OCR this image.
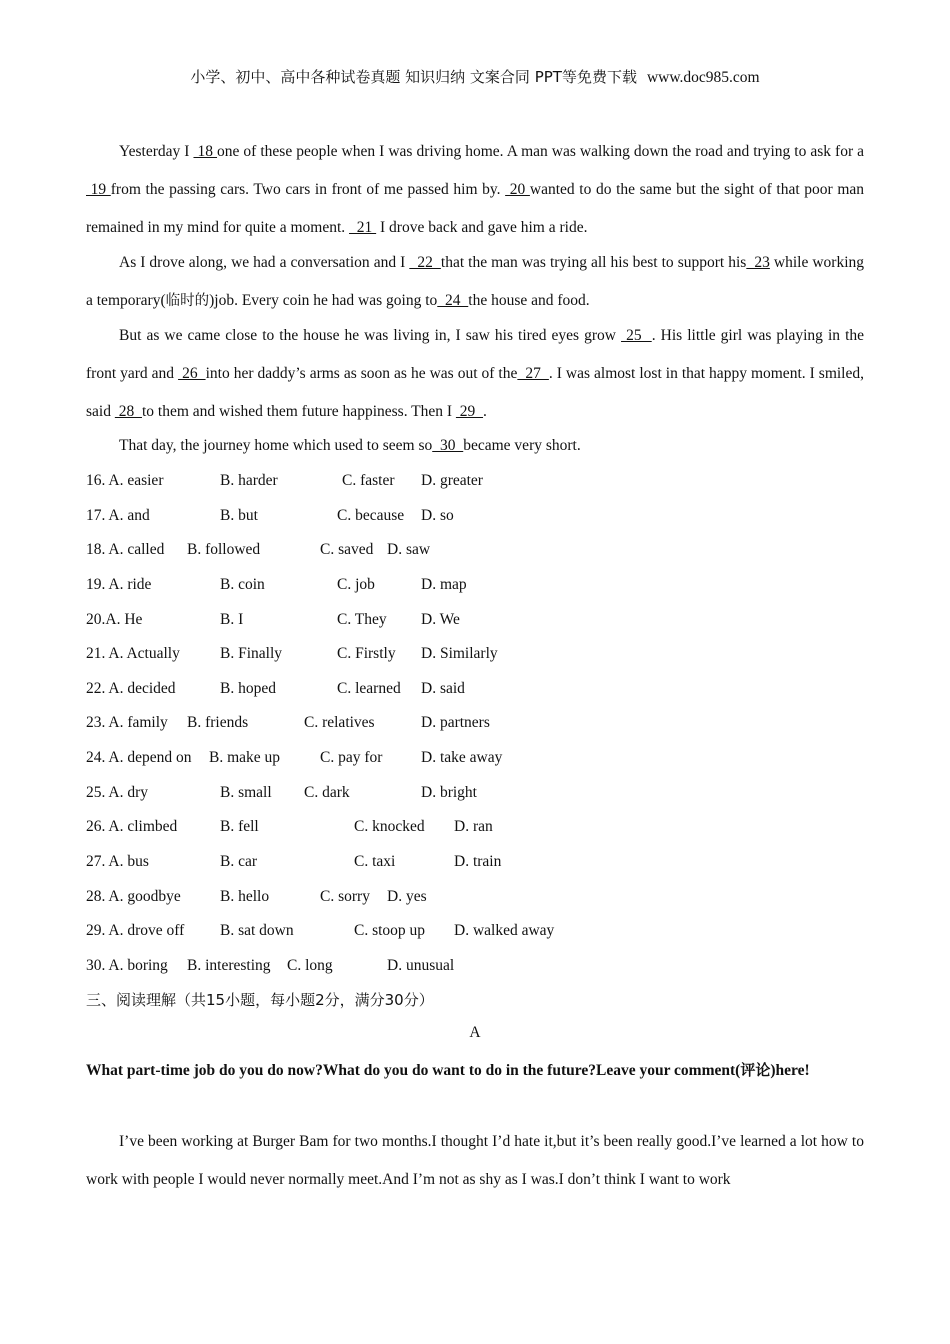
小学、初中、高中各种试卷真题 知识归纳 文案合同 PPT等免费下载 www.doc985.com
Yesterday I  18 one of these people when I was driving home. A man was walking down the road and trying to ask for a  19 from the passing cars. Two cars in front of me passed him by.  20 wanted to do the same but the sight of that poor man remained in my mind for quite a moment.   21  I drove back and gave him a ride.
As I drove along, we had a conversation and I   22  that the man was trying all his best to support his  23 while working a temporary(临时的)job. Every coin he had was going to  24  the house and food.
But as we came close to the house he was living in, I saw his tired eyes grow  25  . His little girl was playing in the front yard and  26  into her daddy’s arms as soon as he was out of the  27  . I was almost lost in that happy moment. I smiled, said  28  to them and wished them future happiness. Then I  29  .
That day, the journey home which used to seem so  30  became very short.
16. A. easier	B. harder	C. faster D. greater
17. A. and	B. but	C. because D. so
18. A. called B. followed	C. saved D. saw
19. A. ride	B. coin	C. job	D. map
20.A. He	B. I	C. They D. We
21. A. Actually	B. Finally	C. Firstly D. Similarly
22. A. decided	B. hoped	C. learned D. said
23. A. family B. friends	C. relatives	D. partners
24. A. depend on B. make up	C. pay for D. take away
25. A. dry	B. small C. dark	D. bright
26. A. climbed	B. fell	C. knocked D. ran
27. A. bus	B. car	C. taxi	D. train
28. A. goodbye	B. hello	C. sorry D. yes
29. A. drove off B. sat down	C. stoop up D. walked away
30. A. boring B. interesting C. long	D. unusual
三、阅读理解（共15小题，每小题2分，满分30分）
A
What part-time job do you do now?What do you do want to do in the future?Leave your comment(评论)here!
I’ve been working at Burger Bam for two months.I thought I’d hate it,but it’s been really good.I’ve learned a lot how to work with people I would never normally meet.And I’m not as shy as I was.I don’t think I want to work
